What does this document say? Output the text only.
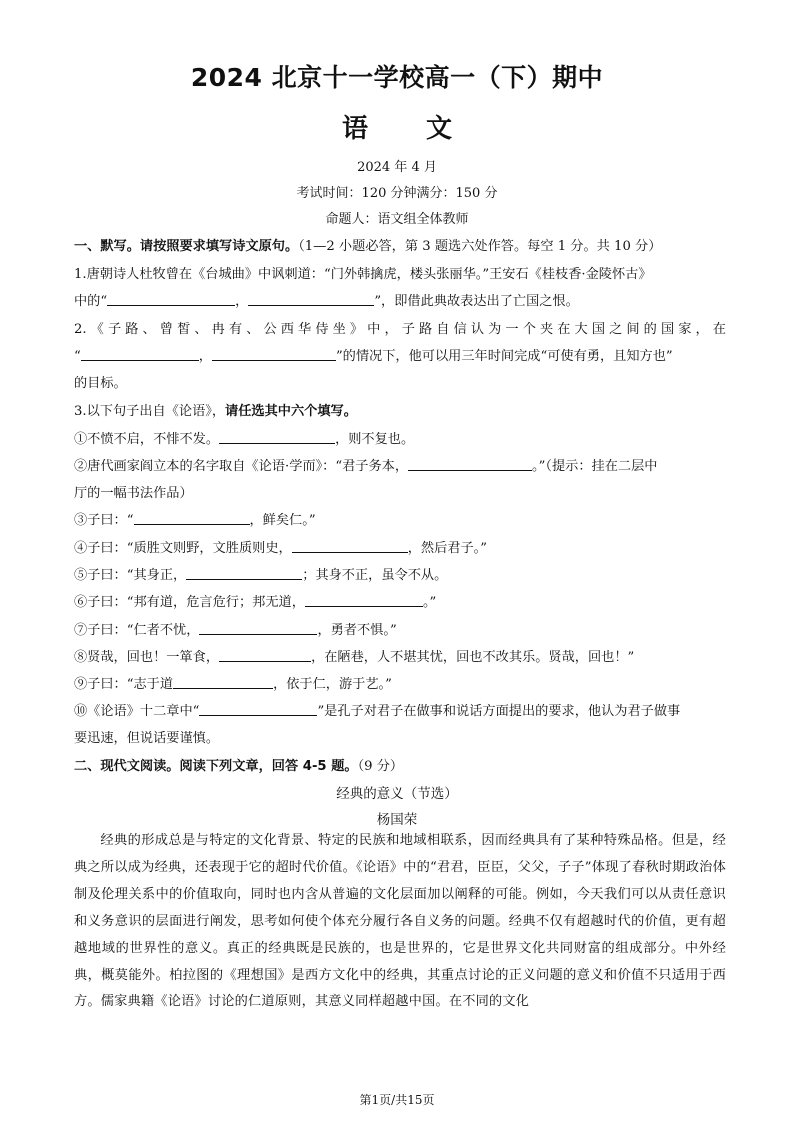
2024 北京十一学校高一（下）期中
语 文
2024 年 4 月
考试时间：120 分钟满分：150 分
命题人：语文组全体教师
一、默写。请按照要求填写诗文原句。（1—2 小题必答，第 3 题选六处作答。每空 1 分。共 10 分）
1.唐朝诗人杜牧曾在《台城曲》中讽刺道：“门外韩擒虎，楼头张丽华。”王安石《桂枝香·金陵怀古》
中的“	，	”，即借此典故表达出了亡国之恨。
2.《子路、曾皙、冉有、公西华侍坐》中，子路自信认为一个夹在大国之间的国家，在
“	，	”的情况下，他可以用三年时间完成“可使有勇，且知方也”
的目标。
3.以下句子出自《论语》，请任选其中六个填写。
①不愤不启，不悱不发。	，则不复也。
②唐代画家阎立本的名字取自《论语·学而》：“君子务本，	。”（提示：挂在二层中
厅的一幅书法作品）
③子曰：“	，鲜矣仁。”
④子曰：“质胜文则野，文胜质则史，	，然后君子。”
⑤子曰：“其身正，	；其身不正，虽令不从。
⑥子曰：“邦有道，危言危行；邦无道，	。”
⑦子曰：“仁者不忧，	，勇者不惧。”
⑧贤哉，回也！一箪食，	，在陋巷，人不堪其忧，回也不改其乐。贤哉，回也！”
⑨子曰：“志于道	，依于仁，游于艺。”
⑩《论语》十二章中“	”是孔子对君子在做事和说话方面提出的要求，他认为君子做事
要迅速，但说话要谨慎。
二、现代文阅读。阅读下列文章，回答 4-5 题。（9 分）
经典的意义（节选）
杨国荣

经典的形成总是与特定的文化背景、特定的民族和地域相联系，因而经典具有了某种特殊品格。但是，经典之所以成为经典，还表现于它的超时代价值。《论语》中的“君君，臣臣，父父，子子”体现了春秋时期政治体制及伦理关系中的价值取向，同时也内含从普遍的文化层面加以阐释的可能。例如，今天我们可以从责任意识和义务意识的层面进行阐发，思考如何使个体充分履行各自义务的问题。经典不仅有超越时代的价值，更有超越地域的世界性的意义。真正的经典既是民族的，也是世界的，它是世界文化共同财富的组成部分。中外经典，概莫能外。柏拉图的《理想国》是西方文化中的经典，其重点讨论的正义问题的意义和价值不只适用于西方。儒家典籍《论语》讨论的仁道原则，其意义同样超越中国。在不同的文化

第1页/共15页
